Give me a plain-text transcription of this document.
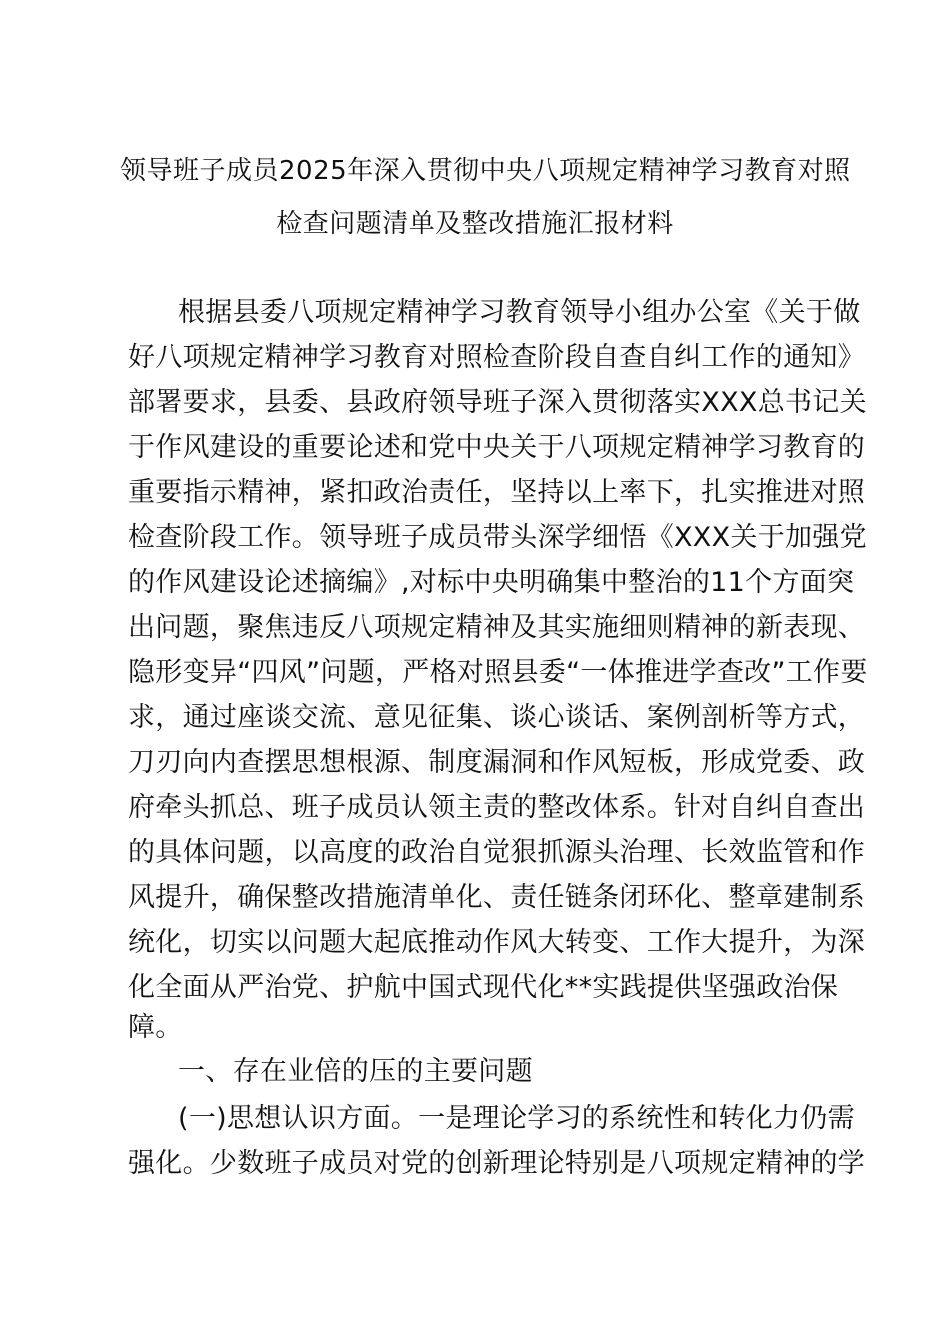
领导班子成员2025年深入贯彻中央八项规定精神学习教育对照
检查问题清单及整改措施汇报材料
根据县委八项规定精神学习教育领导小组办公室《关于做
好八项规定精神学习教育对照检查阶段自查自纠工作的通知》
部署要求，县委、县政府领导班子深入贯彻落实XXX总书记关
于作风建设的重要论述和党中央关于八项规定精神学习教育的
重要指示精神，紧扣政治责任，坚持以上率下，扎实推进对照
检查阶段工作。领导班子成员带头深学细悟《XXX关于加强党
的作风建设论述摘编》,对标中央明确集中整治的11个方面突
出问题，聚焦违反八项规定精神及其实施细则精神的新表现、
隐形变异“四风”问题，严格对照县委“一体推进学查改”工作要
求，通过座谈交流、意见征集、谈心谈话、案例剖析等方式，
刀刃向内查摆思想根源、制度漏洞和作风短板，形成党委、政
府牵头抓总、班子成员认领主责的整改体系。针对自纠自查出
的具体问题，以高度的政治自觉狠抓源头治理、长效监管和作
风提升，确保整改措施清单化、责任链条闭环化、整章建制系
统化，切实以问题大起底推动作风大转变、工作大提升，为深
化全面从严治党、护航中国式现代化**实践提供坚强政治保
障。
一、存在业倍的压的主要问题
(一)思想认识方面。一是理论学习的系统性和转化力仍需
强化。少数班子成员对党的创新理论特别是八项规定精神的学
